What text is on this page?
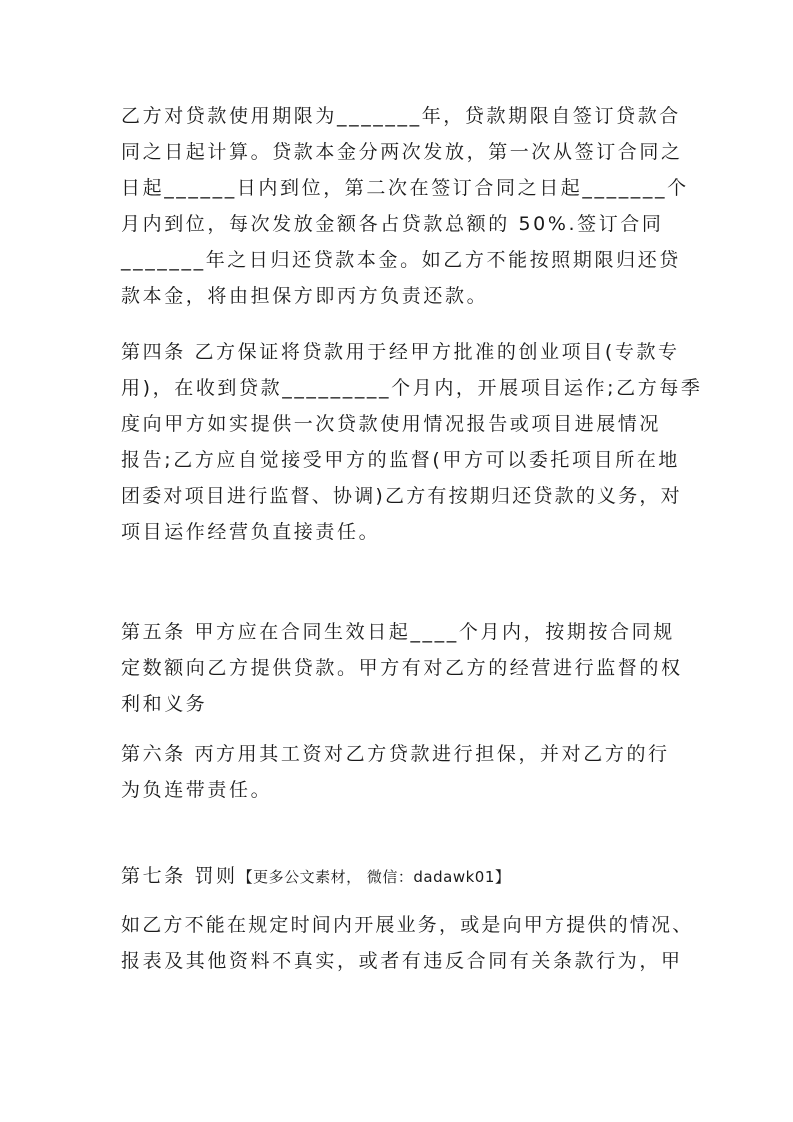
乙方对贷款使用期限为_______年，贷款期限自签订贷款合
同之日起计算。贷款本金分两次发放，第一次从签订合同之
日起______日内到位，第二次在签订合同之日起_______个
月内到位，每次发放金额各占贷款总额的 50%.签订合同
_______年之日归还贷款本金。如乙方不能按照期限归还贷
款本金，将由担保方即丙方负责还款。
第四条 乙方保证将贷款用于经甲方批准的创业项目(专款专
用)，在收到贷款_________个月内，开展项目运作;乙方每季
度向甲方如实提供一次贷款使用情况报告或项目进展情况
报告;乙方应自觉接受甲方的监督(甲方可以委托项目所在地
团委对项目进行监督、协调)乙方有按期归还贷款的义务，对
项目运作经营负直接责任。
第五条 甲方应在合同生效日起____个月内，按期按合同规
定数额向乙方提供贷款。甲方有对乙方的经营进行监督的权
利和义务
第六条 丙方用其工资对乙方贷款进行担保，并对乙方的行
为负连带责任。
第七条 罚则【更多公文素材， 微信：dadawk01】
如乙方不能在规定时间内开展业务，或是向甲方提供的情况、
报表及其他资料不真实，或者有违反合同有关条款行为，甲
